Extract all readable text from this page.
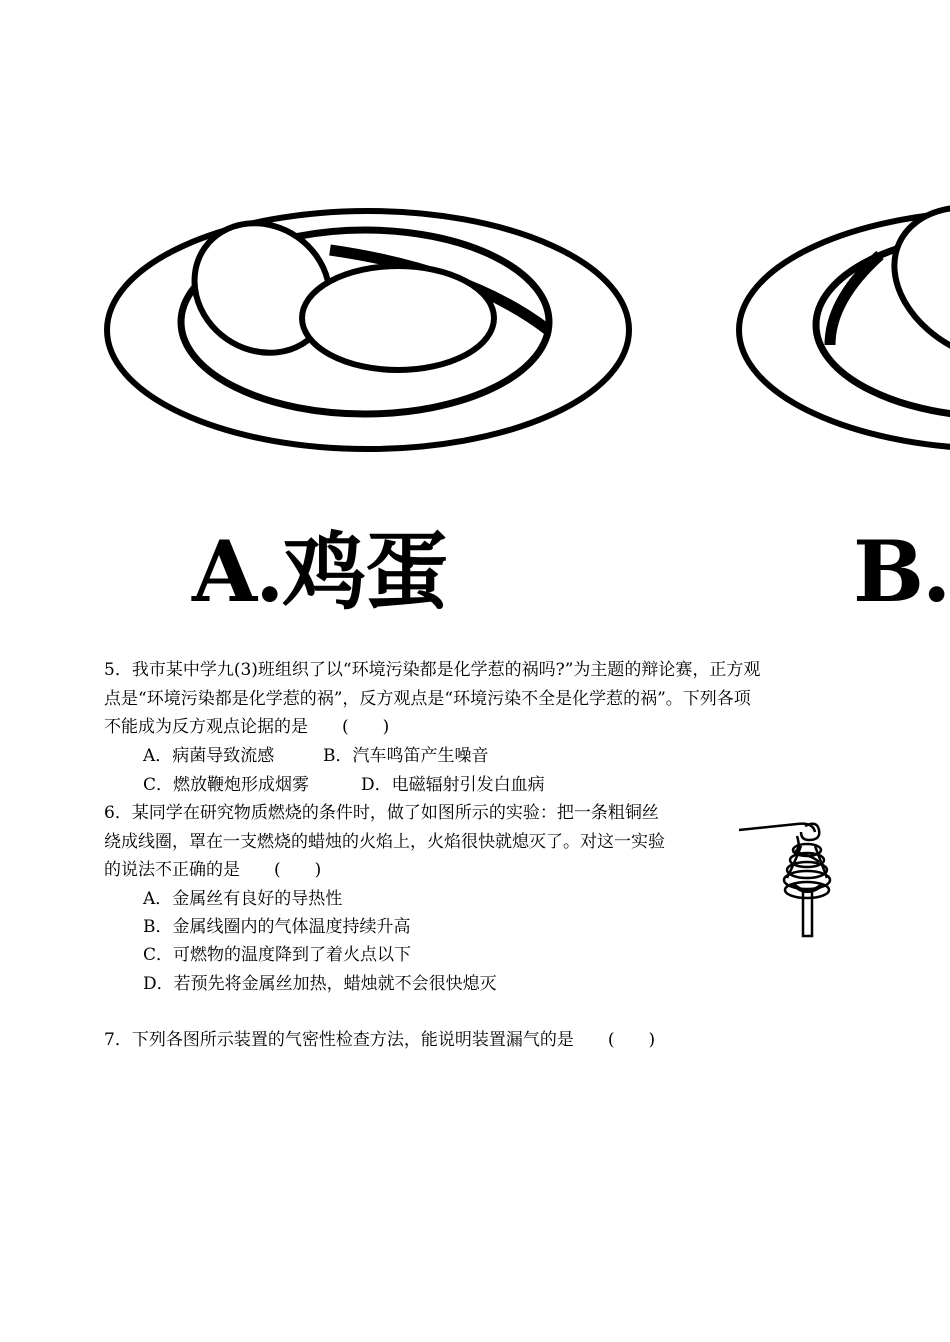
A.鸡蛋	B.
5．我市某中学九(3)班组织了以“环境污染都是化学惹的祸吗?”为主题的辩论赛，正方观
点是“环境污染都是化学惹的祸”，反方观点是“环境污染不全是化学惹的祸”。下列各项
不能成为反方观点论据的是　　(　　)
A．病菌导致流感	B．汽车鸣笛产生噪音
C．燃放鞭炮形成烟雾	D．电磁辐射引发白血病
6．某同学在研究物质燃烧的条件时，做了如图所示的实验：把一条粗铜丝
绕成线圈，罩在一支燃烧的蜡烛的火焰上，火焰很快就熄灭了。对这一实验
的说法不正确的是　　(　　)
A．金属丝有良好的导热性
B．金属线圈内的气体温度持续升高
C．可燃物的温度降到了着火点以下
D．若预先将金属丝加热，蜡烛就不会很快熄灭
7．下列各图所示装置的气密性检查方法，能说明装置漏气的是　　(　　)
